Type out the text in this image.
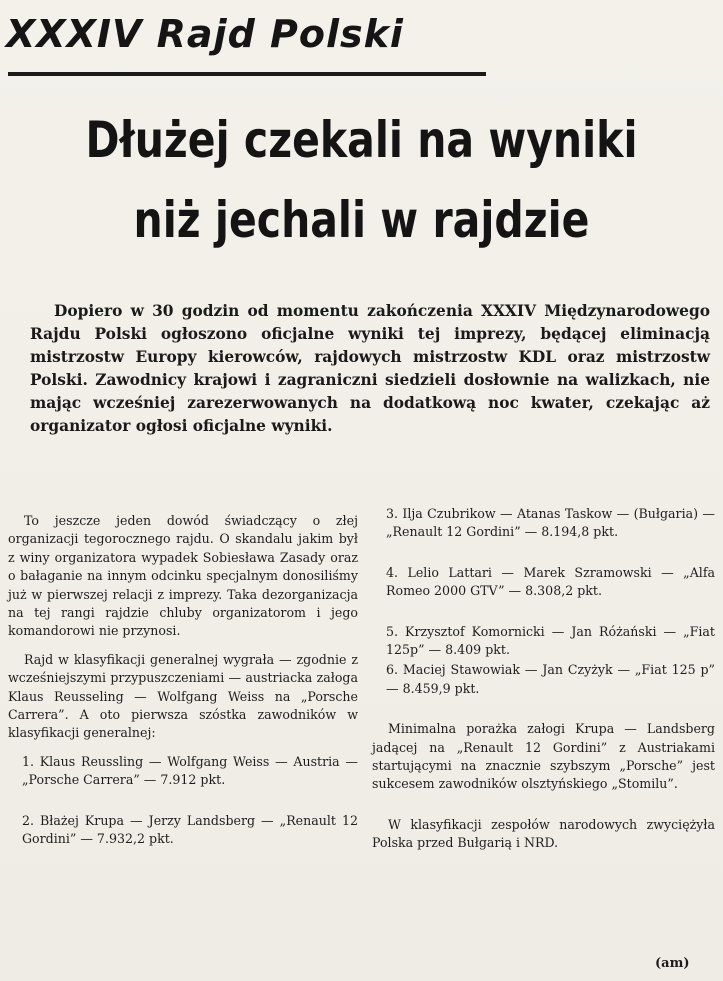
XXXIV Rajd Polski
Dłużej czekali na wyniki
niż jechali w rajdzie
Dopiero w 30 godzin od momentu zakończenia XXXIV Międzynarodowego Rajdu Polski ogłoszono oficjalne wyniki tej imprezy, będącej eliminacją mistrzostw Europy kierowców, rajdowych mistrzostw KDL oraz mistrzostw Polski. Zawodnicy krajowi i zagraniczni siedzieli dosłownie na walizkach, nie mając wcześniej zarezerwowanych na dodatkową noc kwater, czekając aż organizator ogłosi oficjalne wyniki.

To jeszcze jeden dowód świadczący o złej organizacji tegorocznego rajdu. O skandalu jakim był z winy organizatora wypadek Sobiesława Zasady oraz o bałaganie na innym odcinku specjalnym donosiliśmy już w pierwszej relacji z imprezy. Taka dezorganizacja na tej rangi rajdzie chluby organizatorom i jego komandorowi nie przynosi.

Rajd w klasyfikacji generalnej wygrała — zgodnie z wcześniejszymi przypuszczeniami — austriacka załoga Klaus Reusseling — Wolfgang Weiss na „Porsche Carrera”. A oto pierwsza szóstka zawodników w klasyfikacji generalnej:

1. Klaus Reussling — Wolfgang Weiss — Austria — „Porsche Carrera” — 7.912 pkt.

2. Błażej Krupa — Jerzy Landsberg — „Renault 12 Gordini” — 7.932,2 pkt.

3. Ilja Czubrikow — Atanas Taskow — (Bułgaria) — „Renault 12 Gordini” — 8.194,8 pkt.

4. Lelio Lattari — Marek Szramowski — „Alfa Romeo 2000 GTV” — 8.308,2 pkt.

5. Krzysztof Komornicki — Jan Różański — „Fiat 125p” — 8.409 pkt.

6. Maciej Stawowiak — Jan Czyżyk — „Fiat 125 p” — 8.459,9 pkt.

Minimalna porażka załogi Krupa — Landsberg jadącej na „Renault 12 Gordini” z Austriakami startującymi na znacznie szybszym „Porsche” jest sukcesem zawodników olsztyńskiego „Stomilu”.

W klasyfikacji zespołów narodowych zwyciężyła Polska przed Bułgarią i NRD.

(am)
